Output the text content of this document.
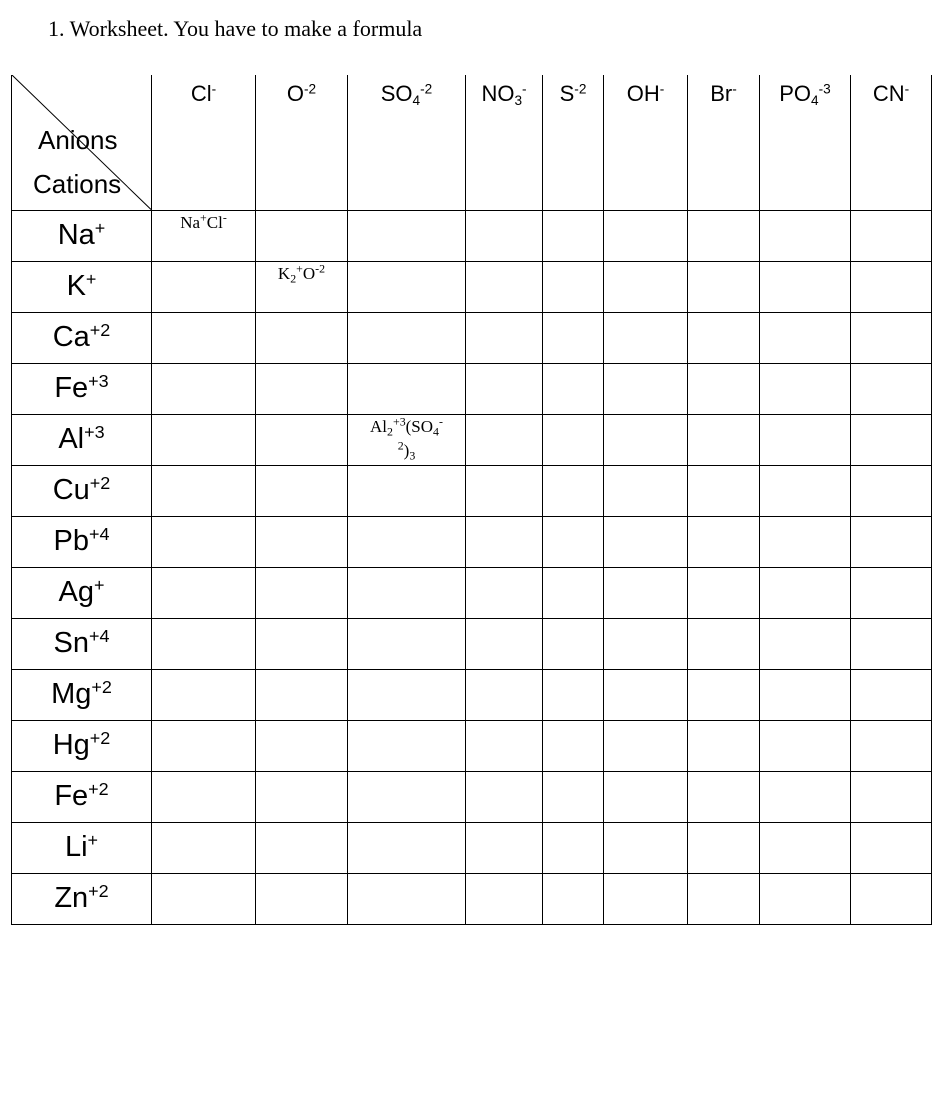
1. Worksheet. You have to make a formula
Anions
Cations	Cl-	$O^{-2}$	$SO_4^{-2}$	$NO_3^-$	$S^{-2}$	OH-	Br-	$PO_4^{-3}$	CN-
Na+	Na+Cl-								
K+		$K_2^+O^{-2}$							
$Ca^{+2}$									
$Fe^{+3}$									
$Al^{+3}$			$Al_2^{+3}(SO_4^-$
$^2)_3$						
$Cu^{+2}$									
$Pb^{+4}$									
Ag+									
$Sn^{+4}$									
$Mg^{+2}$									
$Hg^{+2}$									
$Fe^{+2}$									
Li+									
$Zn^{+2}$									
